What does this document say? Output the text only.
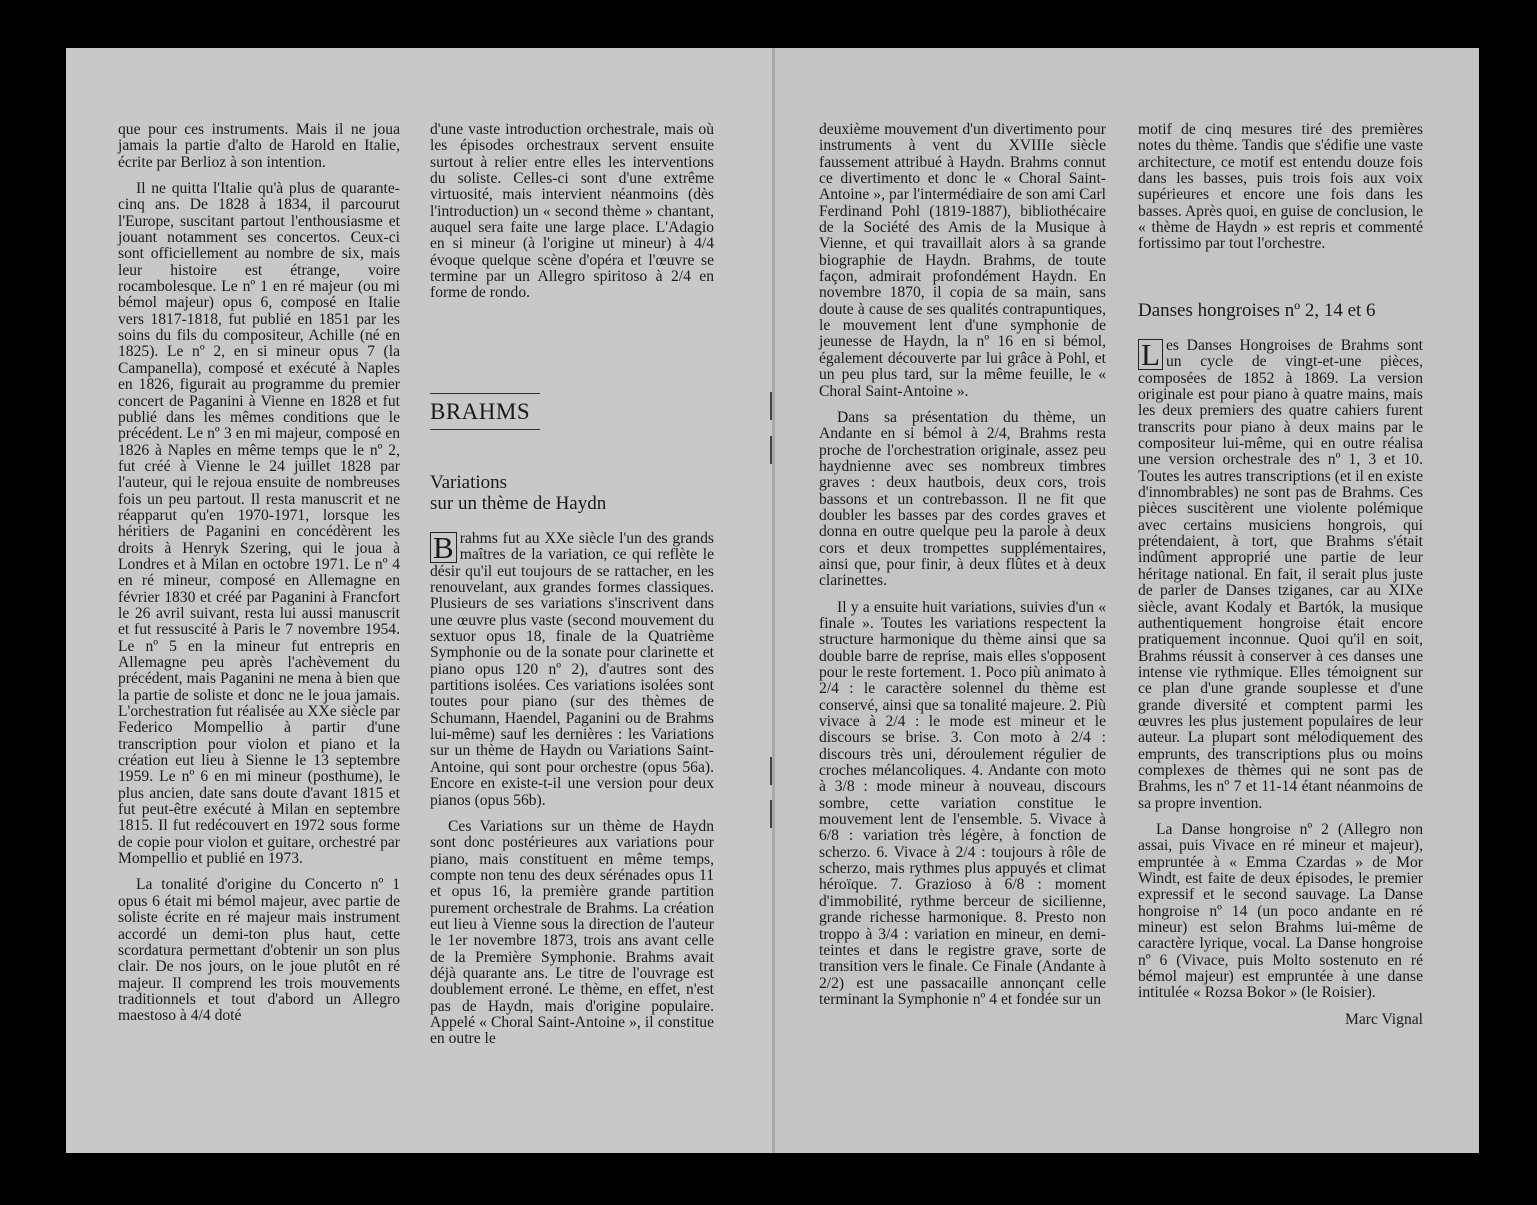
que pour ces instruments. Mais il ne joua jamais la partie d'alto de Harold en Italie, écrite par Berlioz à son intention.

Il ne quitta l'Italie qu'à plus de quarante-cinq ans. De 1828 à 1834, il parcourut l'Europe, suscitant partout l'enthousiasme et jouant notamment ses concertos. Ceux-ci sont officiellement au nombre de six, mais leur histoire est étrange, voire rocambolesque. Le nº 1 en ré majeur (ou mi bémol majeur) opus 6, composé en Italie vers 1817-1818, fut publié en 1851 par les soins du fils du compositeur, Achille (né en 1825). Le nº 2, en si mineur opus 7 (la Campanella), composé et exécuté à Naples en 1826, figurait au programme du premier concert de Paganini à Vienne en 1828 et fut publié dans les mêmes conditions que le précédent. Le nº 3 en mi majeur, composé en 1826 à Naples en même temps que le nº 2, fut créé à Vienne le 24 juillet 1828 par l'auteur, qui le rejoua ensuite de nombreuses fois un peu partout. Il resta manuscrit et ne réapparut qu'en 1970-1971, lorsque les héritiers de Paganini en concédèrent les droits à Henryk Szering, qui le joua à Londres et à Milan en octobre 1971. Le nº 4 en ré mineur, composé en Allemagne en février 1830 et créé par Paganini à Francfort le 26 avril suivant, resta lui aussi manuscrit et fut ressuscité à Paris le 7 novembre 1954. Le nº 5 en la mineur fut entrepris en Allemagne peu après l'achèvement du précédent, mais Paganini ne mena à bien que la partie de soliste et donc ne le joua jamais. L'orchestration fut réalisée au XXe siècle par Federico Mompellio à partir d'une transcription pour violon et piano et la création eut lieu à Sienne le 13 septembre 1959. Le nº 6 en mi mineur (posthume), le plus ancien, date sans doute d'avant 1815 et fut peut-être exécuté à Milan en septembre 1815. Il fut redécouvert en 1972 sous forme de copie pour violon et guitare, orchestré par Mompellio et publié en 1973.

La tonalité d'origine du Concerto nº 1 opus 6 était mi bémol majeur, avec partie de soliste écrite en ré majeur mais instrument accordé un demi-ton plus haut, cette scordatura permettant d'obtenir un son plus clair. De nos jours, on le joue plutôt en ré majeur. Il comprend les trois mouvements traditionnels et tout d'abord un Allegro maestoso à 4/4 doté

d'une vaste introduction orchestrale, mais où les épisodes orchestraux servent ensuite surtout à relier entre elles les interventions du soliste. Celles-ci sont d'une extrême virtuosité, mais intervient néanmoins (dès l'introduction) un « second thème » chantant, auquel sera faite une large place. L'Adagio en si mineur (à l'origine ut mineur) à 4/4 évoque quelque scène d'opéra et l'œuvre se termine par un Allegro spiritoso à 2/4 en forme de rondo.

BRAHMS
Variations
sur un thème de Haydn

B rahms fut au XXe siècle l'un des grands maîtres de la variation, ce qui reflète le désir qu'il eut toujours de se rattacher, en les renouvelant, aux grandes formes classiques. Plusieurs de ses variations s'inscrivent dans une œuvre plus vaste (second mouvement du sextuor opus 18, finale de la Quatrième Symphonie ou de la sonate pour clarinette et piano opus 120 nº 2), d'autres sont des partitions isolées. Ces variations isolées sont toutes pour piano (sur des thèmes de Schumann, Haendel, Paganini ou de Brahms lui-même) sauf les dernières : les Variations sur un thème de Haydn ou Variations Saint-Antoine, qui sont pour orchestre (opus 56a). Encore en existe-t-il une version pour deux pianos (opus 56b).

Ces Variations sur un thème de Haydn sont donc postérieures aux variations pour piano, mais constituent en même temps, compte non tenu des deux sérénades opus 11 et opus 16, la première grande partition purement orchestrale de Brahms. La création eut lieu à Vienne sous la direction de l'auteur le 1er novembre 1873, trois ans avant celle de la Première Symphonie. Brahms avait déjà quarante ans. Le titre de l'ouvrage est doublement erroné. Le thème, en effet, n'est pas de Haydn, mais d'origine populaire. Appelé « Choral Saint-Antoine », il constitue en outre le

deuxième mouvement d'un divertimento pour instruments à vent du XVIIIe siècle faussement attribué à Haydn. Brahms connut ce divertimento et donc le « Choral Saint-Antoine », par l'intermédiaire de son ami Carl Ferdinand Pohl (1819-1887), bibliothécaire de la Société des Amis de la Musique à Vienne, et qui travaillait alors à sa grande biographie de Haydn. Brahms, de toute façon, admirait profondément Haydn. En novembre 1870, il copia de sa main, sans doute à cause de ses qualités contrapuntiques, le mouvement lent d'une symphonie de jeunesse de Haydn, la nº 16 en si bémol, également découverte par lui grâce à Pohl, et un peu plus tard, sur la même feuille, le « Choral Saint-Antoine ».

Dans sa présentation du thème, un Andante en si bémol à 2/4, Brahms resta proche de l'orchestration originale, assez peu haydnienne avec ses nombreux timbres graves : deux hautbois, deux cors, trois bassons et un contrebasson. Il ne fit que doubler les basses par des cordes graves et donna en outre quelque peu la parole à deux cors et deux trompettes supplémentaires, ainsi que, pour finir, à deux flûtes et à deux clarinettes.

Il y a ensuite huit variations, suivies d'un « finale ». Toutes les variations respectent la structure harmonique du thème ainsi que sa double barre de reprise, mais elles s'opposent pour le reste fortement. 1. Poco più animato à 2/4 : le caractère solennel du thème est conservé, ainsi que sa tonalité majeure. 2. Più vivace à 2/4 : le mode est mineur et le discours se brise. 3. Con moto à 2/4 : discours très uni, déroulement régulier de croches mélancoliques. 4. Andante con moto à 3/8 : mode mineur à nouveau, discours sombre, cette variation constitue le mouvement lent de l'ensemble. 5. Vivace à 6/8 : variation très légère, à fonction de scherzo. 6. Vivace à 2/4 : toujours à rôle de scherzo, mais rythmes plus appuyés et climat héroïque. 7. Grazioso à 6/8 : moment d'immobilité, rythme berceur de sicilienne, grande richesse harmonique. 8. Presto non troppo à 3/4 : variation en mineur, en demi-teintes et dans le registre grave, sorte de transition vers le finale. Ce Finale (Andante à 2/2) est une passacaille annonçant celle terminant la Symphonie nº 4 et fondée sur un

motif de cinq mesures tiré des premières notes du thème. Tandis que s'édifie une vaste architecture, ce motif est entendu douze fois dans les basses, puis trois fois aux voix supérieures et encore une fois dans les basses. Après quoi, en guise de conclusion, le « thème de Haydn » est repris et commenté fortissimo par tout l'orchestre.

Danses hongroises nº 2, 14 et 6

L es Danses Hongroises de Brahms sont un cycle de vingt-et-une pièces, composées de 1852 à 1869. La version originale est pour piano à quatre mains, mais les deux premiers des quatre cahiers furent transcrits pour piano à deux mains par le compositeur lui-même, qui en outre réalisa une version orchestrale des nº 1, 3 et 10. Toutes les autres transcriptions (et il en existe d'innombrables) ne sont pas de Brahms. Ces pièces suscitèrent une violente polémique avec certains musiciens hongrois, qui prétendaient, à tort, que Brahms s'était indûment approprié une partie de leur héritage national. En fait, il serait plus juste de parler de Danses tziganes, car au XIXe siècle, avant Kodaly et Bartók, la musique authentiquement hongroise était encore pratiquement inconnue. Quoi qu'il en soit, Brahms réussit à conserver à ces danses une intense vie rythmique. Elles témoignent sur ce plan d'une grande souplesse et d'une grande diversité et comptent parmi les œuvres les plus justement populaires de leur auteur. La plupart sont mélodiquement des emprunts, des transcriptions plus ou moins complexes de thèmes qui ne sont pas de Brahms, les nº 7 et 11-14 étant néanmoins de sa propre invention.

La Danse hongroise nº 2 (Allegro non assai, puis Vivace en ré mineur et majeur), empruntée à « Emma Czardas » de Mor Windt, est faite de deux épisodes, le premier expressif et le second sauvage. La Danse hongroise nº 14 (un poco andante en ré mineur) est selon Brahms lui-même de caractère lyrique, vocal. La Danse hongroise nº 6 (Vivace, puis Molto sostenuto en ré bémol majeur) est empruntée à une danse intitulée « Rozsa Bokor » (le Roisier).

Marc Vignal
